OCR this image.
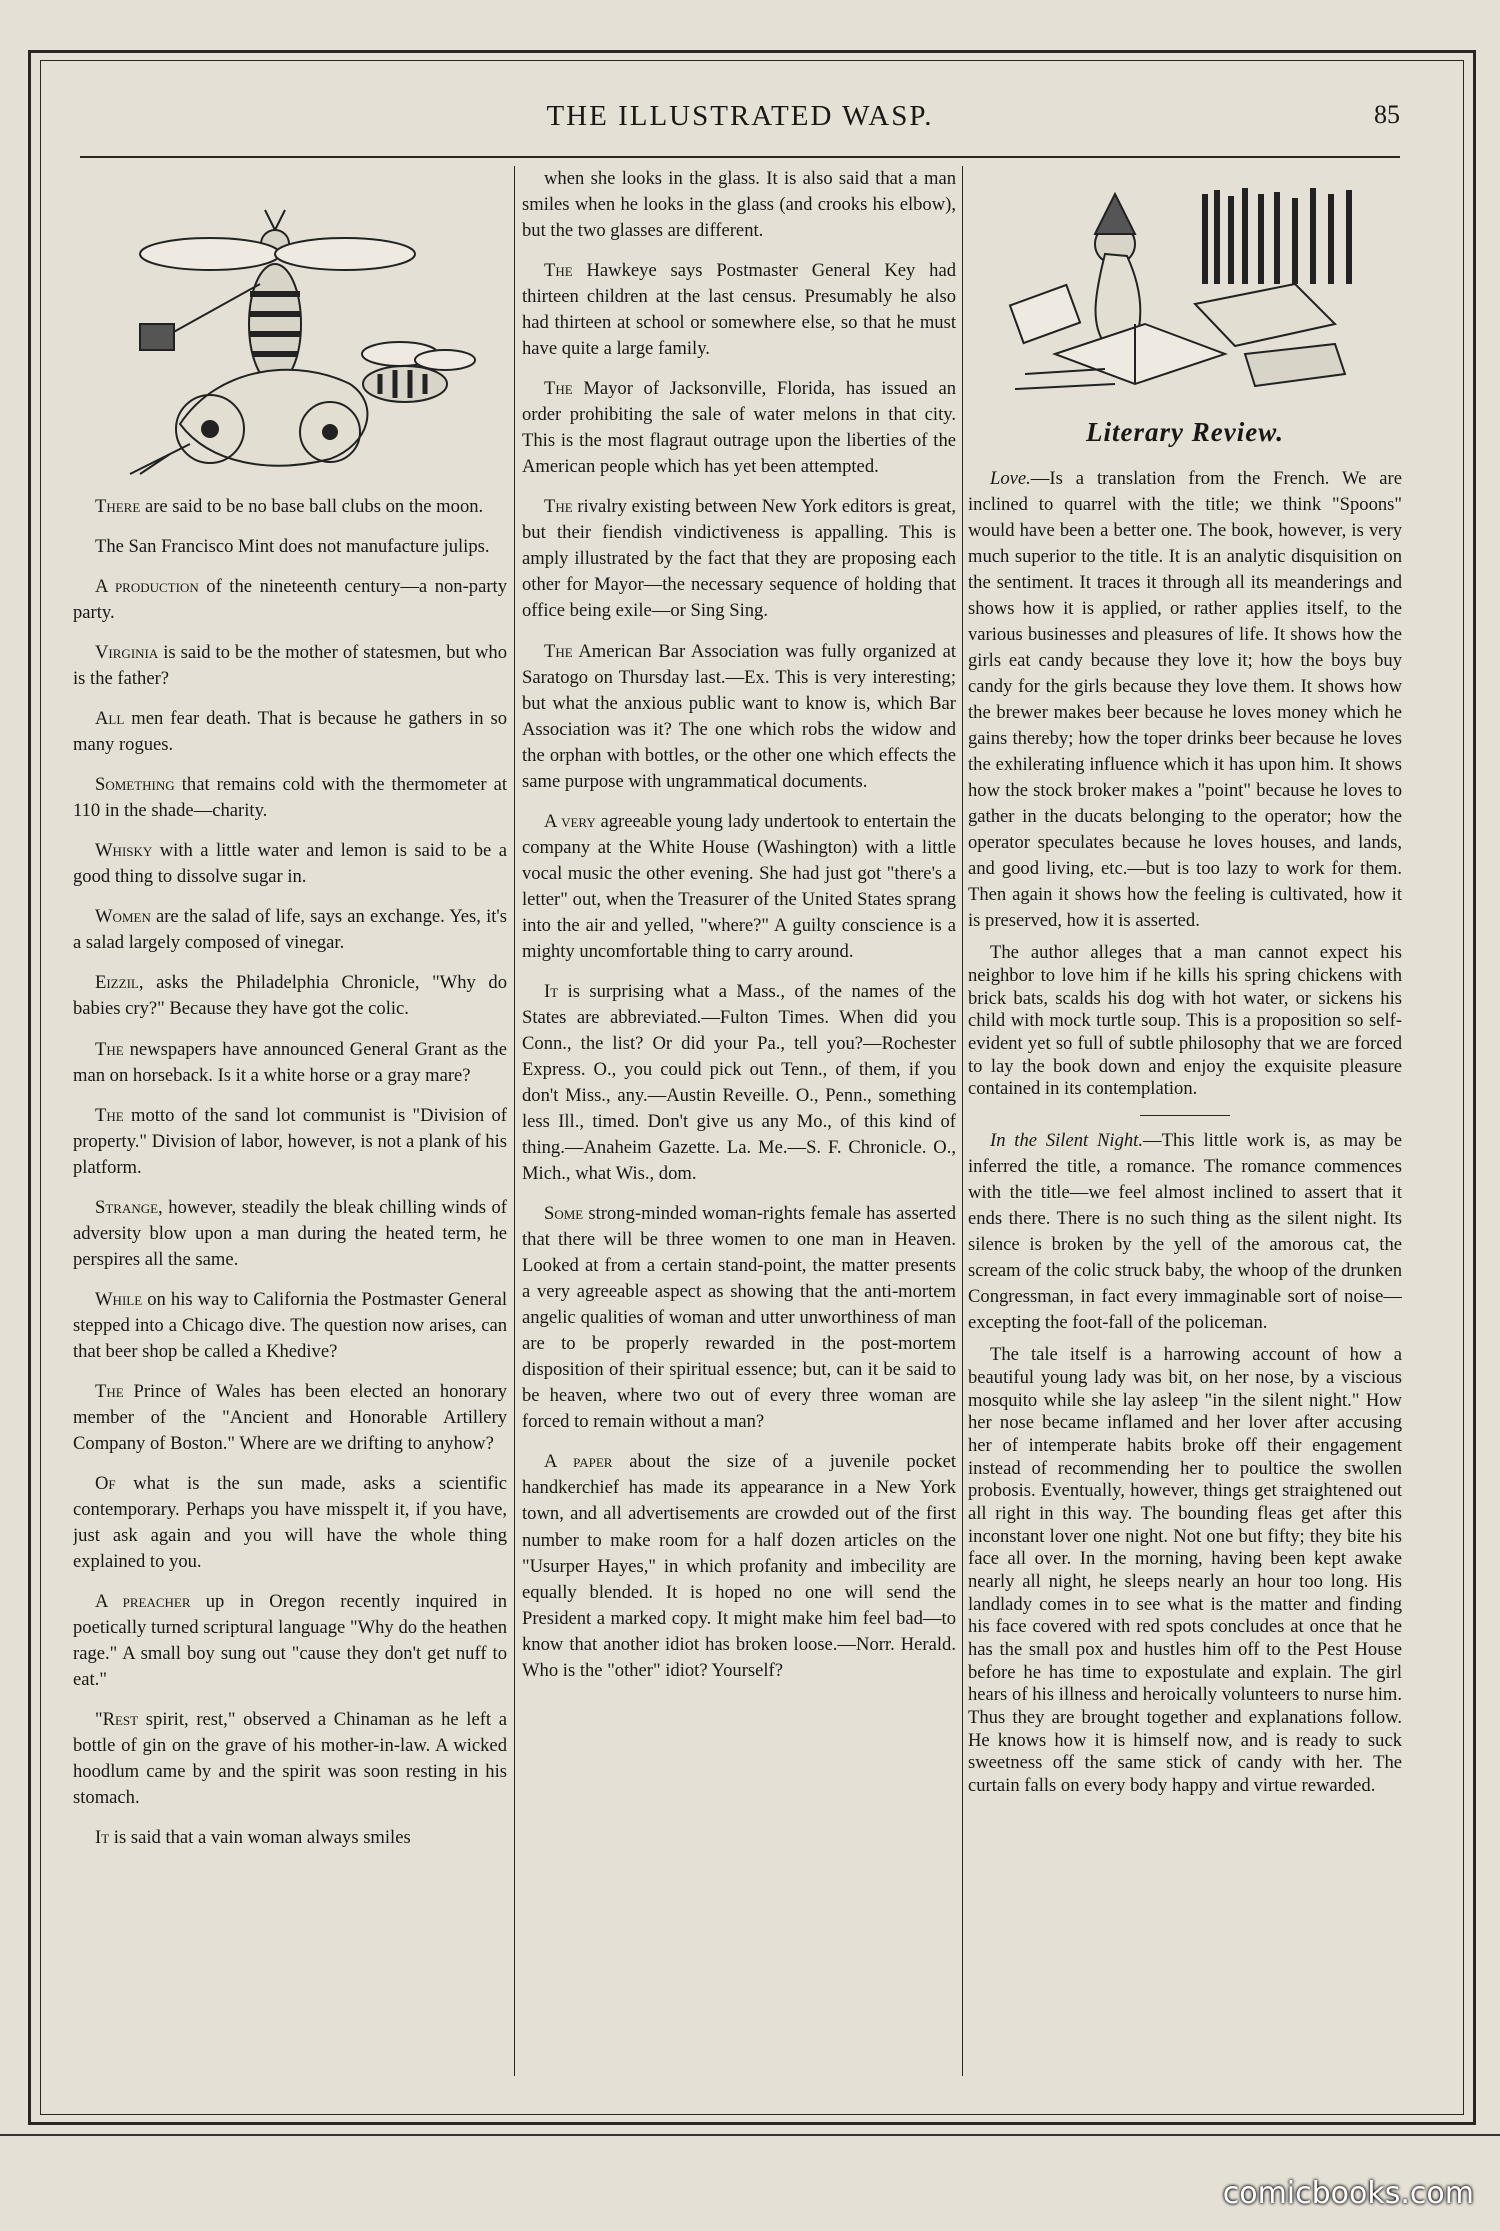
THE ILLUSTRATED WASP.	85

There are said to be no base ball clubs on the moon.

The San Francisco Mint does not manufacture julips.

A production of the nineteenth century—a non-party party.

Virginia is said to be the mother of statesmen, but who is the father?

All men fear death. That is because he gathers in so many rogues.

Something that remains cold with the thermometer at 110 in the shade—charity.

Whisky with a little water and lemon is said to be a good thing to dissolve sugar in.

Women are the salad of life, says an exchange. Yes, it's a salad largely composed of vinegar.

Eizzil, asks the Philadelphia Chronicle, "Why do babies cry?" Because they have got the colic.

The newspapers have announced General Grant as the man on horseback. Is it a white horse or a gray mare?

The motto of the sand lot communist is "Division of property." Division of labor, however, is not a plank of his platform.

Strange, however, steadily the bleak chilling winds of adversity blow upon a man during the heated term, he perspires all the same.

While on his way to California the Postmaster General stepped into a Chicago dive. The question now arises, can that beer shop be called a Khedive?

The Prince of Wales has been elected an honorary member of the "Ancient and Honorable Artillery Company of Boston." Where are we drifting to anyhow?

Of what is the sun made, asks a scientific contemporary. Perhaps you have misspelt it, if you have, just ask again and you will have the whole thing explained to you.

A preacher up in Oregon recently inquired in poetically turned scriptural language "Why do the heathen rage." A small boy sung out "cause they don't get nuff to eat."

"Rest spirit, rest," observed a Chinaman as he left a bottle of gin on the grave of his mother-in-law. A wicked hoodlum came by and the spirit was soon resting in his stomach.

It is said that a vain woman always smiles

when she looks in the glass. It is also said that a man smiles when he looks in the glass (and crooks his elbow), but the two glasses are different.

The Hawkeye says Postmaster General Key had thirteen children at the last census. Presumably he also had thirteen at school or somewhere else, so that he must have quite a large family.

The Mayor of Jacksonville, Florida, has issued an order prohibiting the sale of water melons in that city. This is the most flagraut outrage upon the liberties of the American people which has yet been attempted.

The rivalry existing between New York editors is great, but their fiendish vindictiveness is appalling. This is amply illustrated by the fact that they are proposing each other for Mayor—the necessary sequence of holding that office being exile—or Sing Sing.

The American Bar Association was fully organized at Saratogo on Thursday last.—Ex. This is very interesting; but what the anxious public want to know is, which Bar Association was it? The one which robs the widow and the orphan with bottles, or the other one which effects the same purpose with ungrammatical documents.

A very agreeable young lady undertook to entertain the company at the White House (Washington) with a little vocal music the other evening. She had just got "there's a letter" out, when the Treasurer of the United States sprang into the air and yelled, "where?" A guilty conscience is a mighty uncomfortable thing to carry around.

It is surprising what a Mass., of the names of the States are abbreviated.—Fulton Times. When did you Conn., the list? Or did your Pa., tell you?—Rochester Express. O., you could pick out Tenn., of them, if you don't Miss., any.—Austin Reveille. O., Penn., something less Ill., timed. Don't give us any Mo., of this kind of thing.—Anaheim Gazette. La. Me.—S. F. Chronicle. O., Mich., what Wis., dom.

Some strong-minded woman-rights female has asserted that there will be three women to one man in Heaven. Looked at from a certain stand-point, the matter presents a very agreeable aspect as showing that the anti-mortem angelic qualities of woman and utter unworthiness of man are to be properly rewarded in the post-mortem disposition of their spiritual essence; but, can it be said to be heaven, where two out of every three woman are forced to remain without a man?

A paper about the size of a juvenile pocket handkerchief has made its appearance in a New York town, and all advertisements are crowded out of the first number to make room for a half dozen articles on the "Usurper Hayes," in which profanity and imbecility are equally blended. It is hoped no one will send the President a marked copy. It might make him feel bad—to know that another idiot has broken loose.—Norr. Herald. Who is the "other" idiot? Yourself?

Literary Review.

Love.—Is a translation from the French. We are inclined to quarrel with the title; we think "Spoons" would have been a better one. The book, however, is very much superior to the title. It is an analytic disquisition on the sentiment. It traces it through all its meanderings and shows how it is applied, or rather applies itself, to the various businesses and pleasures of life. It shows how the girls eat candy because they love it; how the boys buy candy for the girls because they love them. It shows how the brewer makes beer because he loves money which he gains thereby; how the toper drinks beer because he loves the exhilerating influence which it has upon him. It shows how the stock broker makes a "point" because he loves to gather in the ducats belonging to the operator; how the operator speculates because he loves houses, and lands, and good living, etc.—but is too lazy to work for them. Then again it shows how the feeling is cultivated, how it is preserved, how it is asserted.

The author alleges that a man cannot expect his neighbor to love him if he kills his spring chickens with brick bats, scalds his dog with hot water, or sickens his child with mock turtle soup. This is a proposition so self-evident yet so full of subtle philosophy that we are forced to lay the book down and enjoy the exquisite pleasure contained in its contemplation.

In the Silent Night.—This little work is, as may be inferred the title, a romance. The romance commences with the title—we feel almost inclined to assert that it ends there. There is no such thing as the silent night. Its silence is broken by the yell of the amorous cat, the scream of the colic struck baby, the whoop of the drunken Congressman, in fact every immaginable sort of noise—excepting the foot-fall of the policeman.

The tale itself is a harrowing account of how a beautiful young lady was bit, on her nose, by a viscious mosquito while she lay asleep "in the silent night." How her nose became inflamed and her lover after accusing her of intemperate habits broke off their engagement instead of recommending her to poultice the swollen probosis. Eventually, however, things get straightened out all right in this way. The bounding fleas get after this inconstant lover one night. Not one but fifty; they bite his face all over. In the morning, having been kept awake nearly all night, he sleeps nearly an hour too long. His landlady comes in to see what is the matter and finding his face covered with red spots concludes at once that he has the small pox and hustles him off to the Pest House before he has time to expostulate and explain. The girl hears of his illness and heroically volunteers to nurse him. Thus they are brought together and explanations follow. He knows how it is himself now, and is ready to suck sweetness off the same stick of candy with her. The curtain falls on every body happy and virtue rewarded.

comicbooks.com
